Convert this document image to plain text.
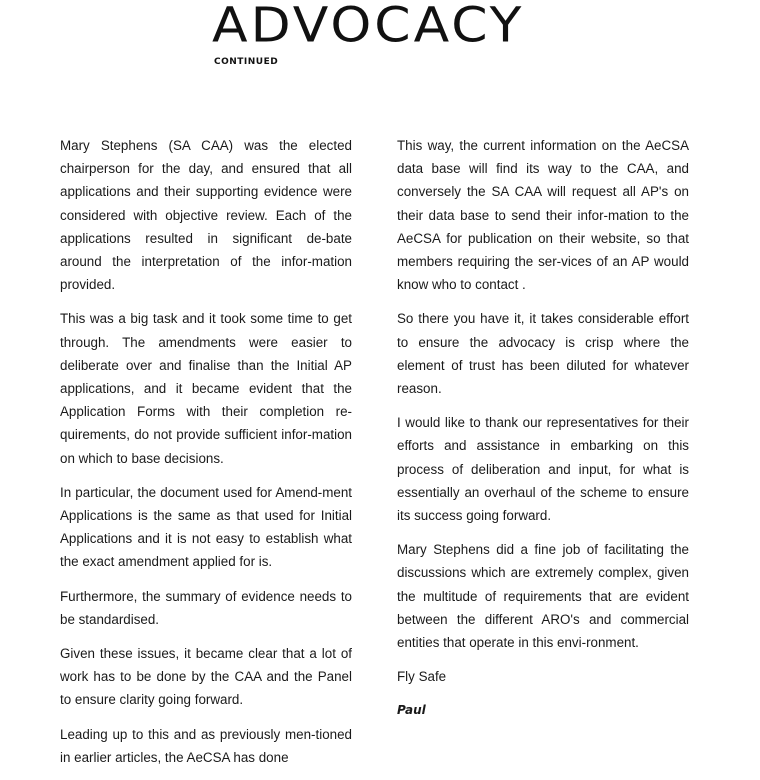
ADVOCACY
CONTINUED

Mary Stephens (SA CAA) was the elected chairperson for the day, and ensured that all applications and their supporting evidence were considered with objective review. Each of the applications resulted in significant de-bate around the interpretation of the infor-mation provided.

This was a big task and it took some time to get through. The amendments were easier to deliberate over and finalise than the Initial AP applications, and it became evident that the Application Forms with their completion re-quirements, do not provide sufficient infor-mation on which to base decisions.

In particular, the document used for Amend-ment Applications is the same as that used for Initial Applications and it is not easy to establish what the exact amendment applied for is.

Furthermore, the summary of evidence needs to be standardised.

Given these issues, it became clear that a lot of work has to be done by the CAA and the Panel to ensure clarity going forward.

Leading up to this and as previously men-tioned in earlier articles, the AeCSA has done

This way, the current information on the AeCSA data base will find its way to the CAA, and conversely the SA CAA will request all AP's on their data base to send their infor-mation to the AeCSA for publication on their website, so that members requiring the ser-vices of an AP would know who to contact .

So there you have it, it takes considerable effort to ensure the advocacy is crisp where the element of trust has been diluted for whatever reason.

I would like to thank our representatives for their efforts and assistance in embarking on this process of deliberation and input, for what is essentially an overhaul of the scheme to ensure its success going forward.

Mary Stephens did a fine job of facilitating the discussions which are extremely complex, given the multitude of requirements that are evident between the different ARO's and commercial entities that operate in this envi-ronment.

Fly Safe

Paul
